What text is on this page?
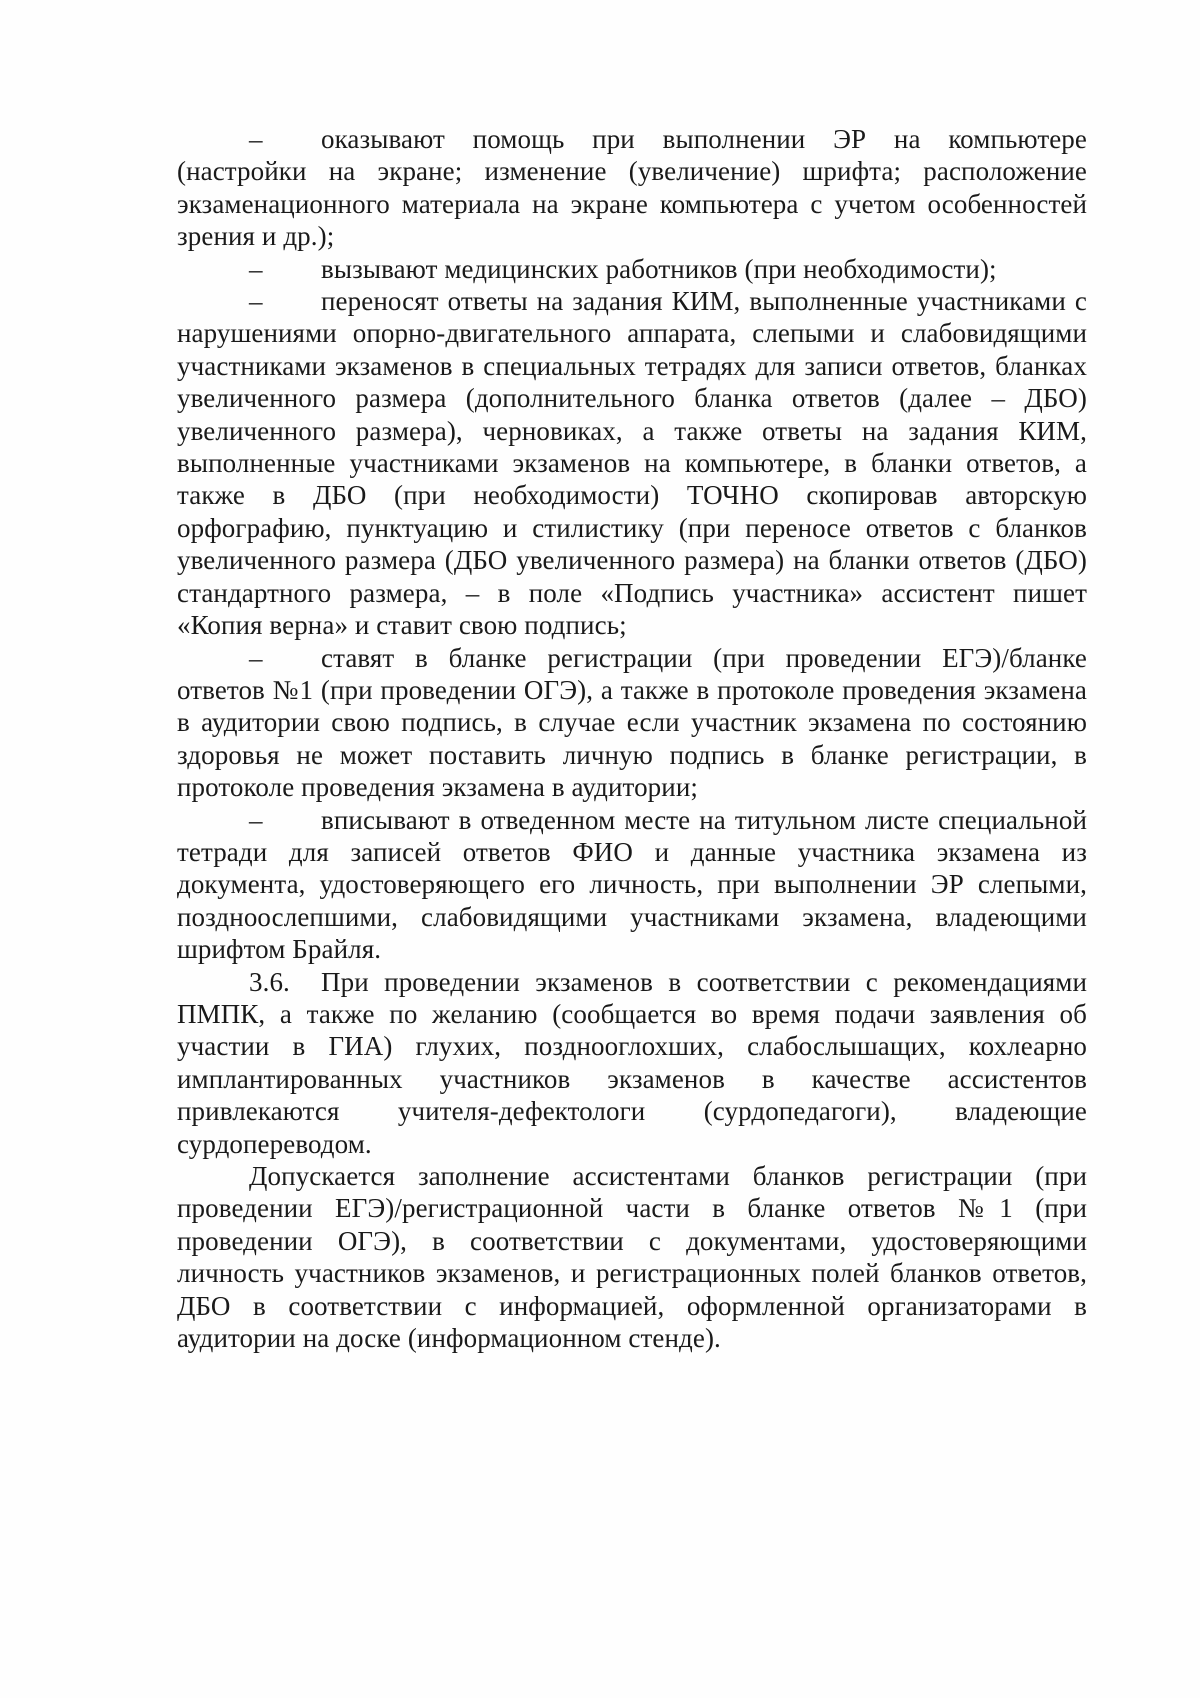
– оказывают помощь при выполнении ЭР на компьютере (настройки на экране; изменение (увеличение) шрифта; расположение экзаменационного материала на экране компьютера с учетом особенностей зрения и др.);

– вызывают медицинских работников (при необходимости);

– переносят ответы на задания КИМ, выполненные участниками с нарушениями опорно-двигательного аппарата, слепыми и слабовидящими участниками экзаменов в специальных тетрадях для записи ответов, бланках увеличенного размера (дополнительного бланка ответов (далее – ДБО) увеличенного размера), черновиках, а также ответы на задания КИМ, выполненные участниками экзаменов на компьютере, в бланки ответов, а также в ДБО (при необходимости) ТОЧНО скопировав авторскую орфографию, пунктуацию и стилистику (при переносе ответов с бланков увеличенного размера (ДБО увеличенного размера) на бланки ответов (ДБО) стандартного размера, – в поле «Подпись участника» ассистент пишет «Копия верна» и ставит свою подпись;

– ставят в бланке регистрации (при проведении ЕГЭ)/бланке ответов №1 (при проведении ОГЭ), а также в протоколе проведения экзамена в аудитории свою подпись, в случае если участник экзамена по состоянию здоровья не может поставить личную подпись в бланке регистрации, в протоколе проведения экзамена в аудитории;

– вписывают в отведенном месте на титульном листе специальной тетради для записей ответов ФИО и данные участника экзамена из документа, удостоверяющего его личность, при выполнении ЭР слепыми, поздноослепшими, слабовидящими участниками экзамена, владеющими шрифтом Брайля.

3.6. При проведении экзаменов в соответствии с рекомендациями ПМПК, а также по желанию (сообщается во время подачи заявления об участии в ГИА) глухих, позднооглохших, слабослышащих, кохлеарно имплантированных участников экзаменов в качестве ассистентов привлекаются учителя-дефектологи (сурдопедагоги), владеющие сурдопереводом.

Допускается заполнение ассистентами бланков регистрации (при проведении ЕГЭ)/регистрационной части в бланке ответов №1 (при проведении ОГЭ), в соответствии с документами, удостоверяющими личность участников экзаменов, и регистрационных полей бланков ответов, ДБО в соответствии с информацией, оформленной организаторами в аудитории на доске (информационном стенде).
